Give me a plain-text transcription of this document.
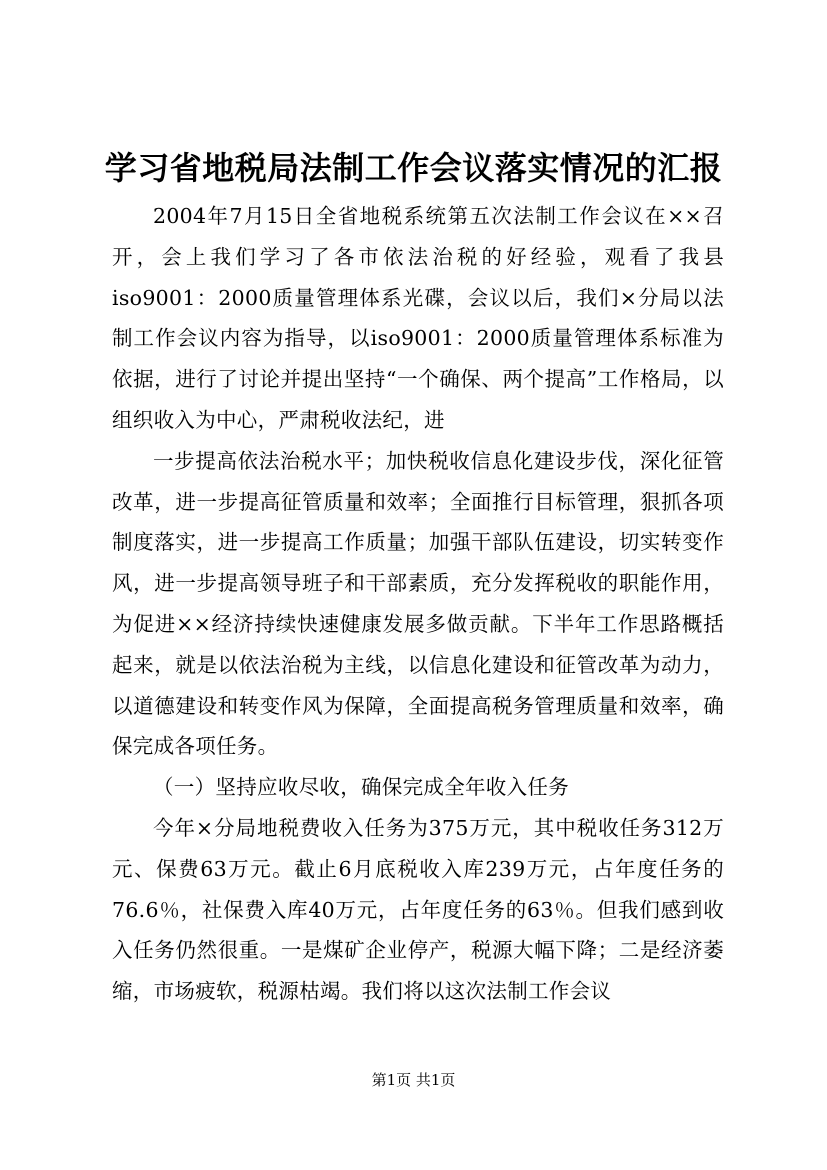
学习省地税局法制工作会议落实情况的汇报

2004年7月15日全省地税系统第五次法制工作会议在××召开，会上我们学习了各市依法治税的好经验，观看了我县iso9001：2000质量管理体系光碟，会议以后，我们×分局以法制工作会议内容为指导，以iso9001：2000质量管理体系标准为依据，进行了讨论并提出坚持“一个确保、两个提高”工作格局，以组织收入为中心，严肃税收法纪，进

一步提高依法治税水平；加快税收信息化建设步伐，深化征管改革，进一步提高征管质量和效率；全面推行目标管理，狠抓各项制度落实，进一步提高工作质量；加强干部队伍建设，切实转变作风，进一步提高领导班子和干部素质，充分发挥税收的职能作用，为促进××经济持续快速健康发展多做贡献。下半年工作思路概括起来，就是以依法治税为主线，以信息化建设和征管改革为动力，以道德建设和转变作风为保障，全面提高税务管理质量和效率，确保完成各项任务。

（一）坚持应收尽收，确保完成全年收入任务

今年×分局地税费收入任务为375万元，其中税收任务312万元、保费63万元。截止6月底税收入库239万元，占年度任务的76.6％，社保费入库40万元，占年度任务的63％。但我们感到收入任务仍然很重。一是煤矿企业停产，税源大幅下降；二是经济萎缩，市场疲软，税源枯竭。我们将以这次法制工作会议

第1页 共1页
